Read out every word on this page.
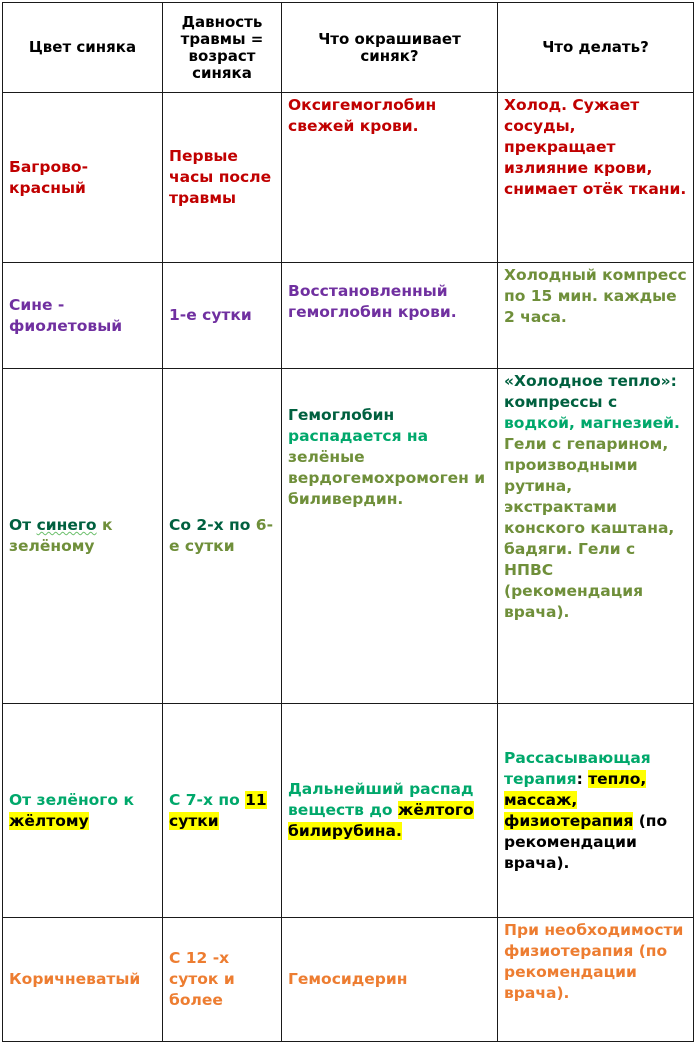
Цвет синяка	Давность травмы = возраст синяка	Что окрашивает синяк?	Что делать?
Багрово-красный	Первые часы после травмы	Оксигемоглобин свежей крови.	Холод. Сужает сосуды, прекращает излияние крови, снимает отёк ткани.
Сине - фиолетовый	1-е сутки	Восстановленный гемоглобин крови.	Холодный компресс по 15 мин. каждые 2 часа.
От синего к зелёному	Со 2-х по 6-е сутки	Гемоглобин распадается на зелёные вердогемохромоген и биливердин.	«Холодное тепло»: компрессы с водкой, магнезией. Гели с гепарином, производными рутина, экстрактами конского каштана, бадяги. Гели с НПВС (рекомендация врача).
От зелёного к жёлтому	С 7-х по 11 сутки	Дальнейший распад веществ до жёлтого билирубина.	Рассасывающая терапия: тепло, массаж, физиотерапия (по рекомендации врача).
Коричневатый	С 12 -х суток и более	Гемосидерин	При необходимости физиотерапия (по рекомендации врача).
